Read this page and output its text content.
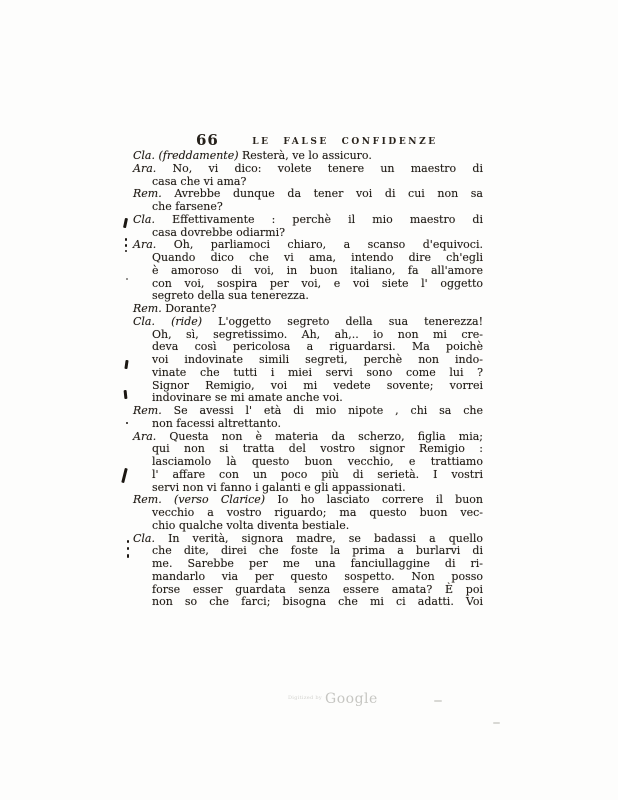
66	LE FALSE CONFIDENZE
Cla. (freddamente) Resterà, ve lo assicuro.
Ara. No, vi dico: volete tenere un maestro di
casa che vi ama?
Rem. Avrebbe dunque da tener voi di cui non sa
che farsene?
Cla. Effettivamente : perchè il mio maestro di
casa dovrebbe odiarmi?
Ara. Oh, parliamoci chiaro, a scanso d'equivoci.
Quando dico che vi ama, intendo dire ch'egli
è amoroso di voi, in buon italiano, fa all'amore
con voi, sospira per voi, e voi siete l' oggetto
segreto della sua tenerezza.
Rem. Dorante?
Cla. (ride) L'oggetto segreto della sua tenerezza!
Oh, sì, segretissimo. Ah, ah,.. io non mi cre-
deva così pericolosa a riguardarsi. Ma poichè
voi indovinate simili segreti, perchè non indo-
vinate che tutti i miei servi sono come lui ?
Signor Remigio, voi mi vedete sovente; vorrei
indovinare se mi amate anche voi.
Rem. Se avessi l' età di mio nipote , chi sa che
non facessi altrettanto.
Ara. Questa non è materia da scherzo, figlia mia;
qui non si tratta del vostro signor Remigio :
lasciamolo là questo buon vecchio, e trattiamo
l' affare con un poco più di serietà. I vostri
servi non vi fanno i galanti e gli appassionati.
Rem. (verso Clarice) Io ho lasciato correre il buon
vecchio a vostro riguardo; ma questo buon vec-
chio qualche volta diventa bestiale.
Cla. In verità, signora madre, se badassi a quello
che dite, direi che foste la prima a burlarvi di
me. Sarebbe per me una fanciullaggine di ri-
mandarlo via per questo sospetto. Non posso
forse esser guardata senza essere amata? È poi
non so che farci; bisogna che mi ci adatti. Voi
$^{Digitized by}$ Google
